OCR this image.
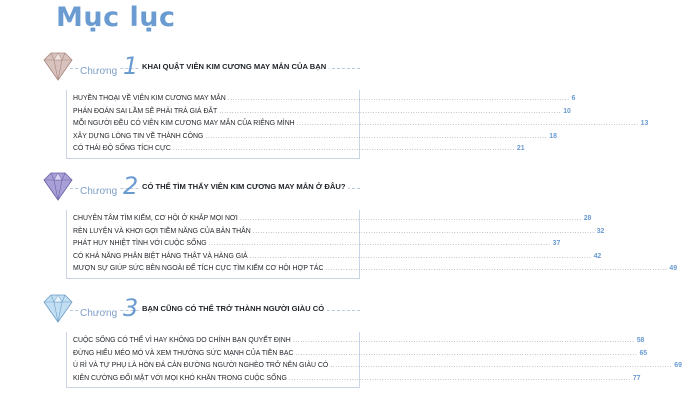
Mục lục
Chương 1 KHAI QUẬT VIÊN KIM CƯƠNG MAY MẮN CỦA BẠN
HUYỀN THOẠI VỀ VIÊN KIM CƯƠNG MAY MẮN ........................................................................................................................................ 6
PHÁN ĐOÁN SAI LẦM SẼ PHẢI TRẢ GIÁ ĐẮT ........................................................................................................................................ 10
MỖI NGƯỜI ĐỀU CÓ VIÊN KIM CƯƠNG MAY MẮN CỦA RIÊNG MÌNH ........................................................................................................................................ 13
XÂY DỰNG LÒNG TIN VỀ THÀNH CÔNG ........................................................................................................................................ 18
CÓ THÁI ĐỘ SỐNG TÍCH CỰC ........................................................................................................................................ 21
Chương 2 CÓ THỂ TÌM THẤY VIÊN KIM CƯƠNG MAY MẮN Ở ĐÂU?
CHUYÊN TÂM TÌM KIẾM, CƠ HỘI Ở KHẮP MỌI NƠI ........................................................................................................................................ 28
RÈN LUYỆN VÀ KHƠI GỢI TIỀM NĂNG CỦA BẢN THÂN ........................................................................................................................................ 32
PHÁT HUY NHIỆT TÌNH VỚI CUỘC SỐNG ........................................................................................................................................ 37
CÓ KHẢ NĂNG PHÂN BIỆT HÀNG THẬT VÀ HÀNG GIẢ ........................................................................................................................................ 42
MƯỢN SỰ GIÚP SỨC BÊN NGOÀI ĐỂ TÍCH CỰC TÌM KIẾM CƠ HỘI HỢP TÁC ........................................................................................................................................ 49
Chương 3 BẠN CŨNG CÓ THỂ TRỞ THÀNH NGƯỜI GIÀU CÓ
CUỘC SỐNG CÓ THỂ VÌ HAY KHÔNG DO CHÍNH BẠN QUYẾT ĐỊNH ........................................................................................................................................ 58
ĐỪNG HIỂU MÉO MÓ VÀ XEM THƯỜNG SỨC MẠNH CỦA TIỀN BẠC ........................................................................................................................................ 65
Ù RÌ VÀ TỰ PHỤ LÀ HÒN ĐÁ CẢN ĐƯỜNG NGƯỜI NGHÈO TRỞ NÊN GIÀU CÓ ........................................................................................................................................ 69
KIÊN CƯỜNG ĐỐI MẶT VỚI MỌI KHÓ KHĂN TRONG CUỘC SỐNG ........................................................................................................................................ 77
